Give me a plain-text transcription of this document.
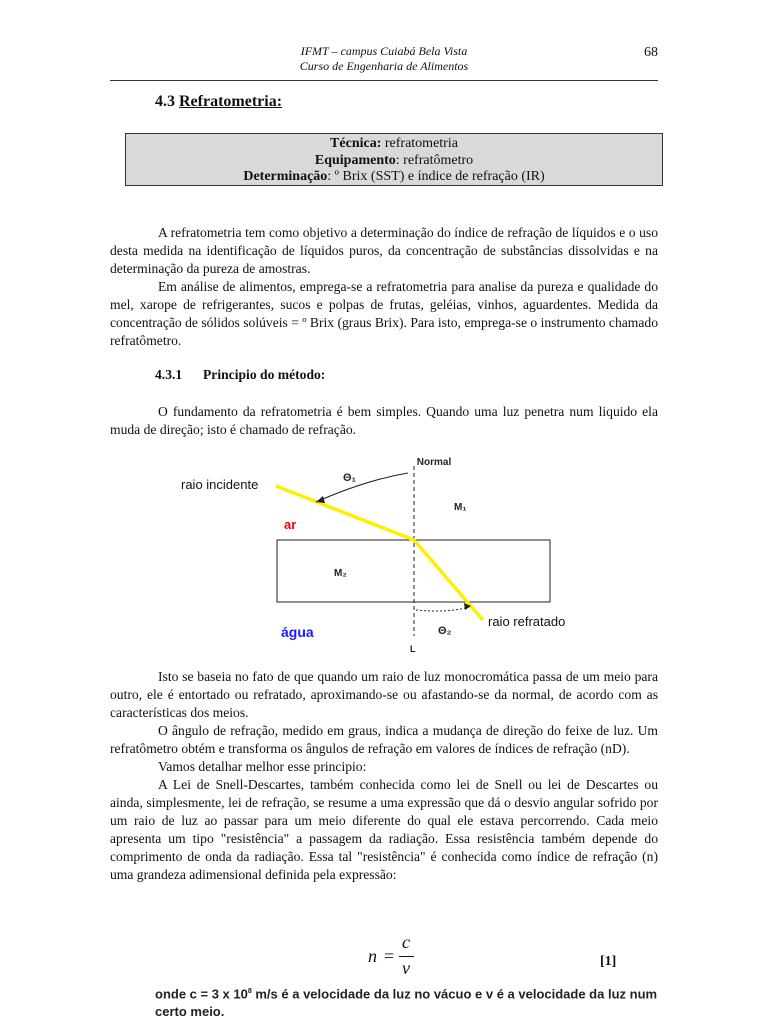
IFMT – campus Cuiabá Bela Vista
Curso de Engenharia de Alimentos
68
4.3 Refratometria:
Técnica: refratometria
Equipamento: refratômetro
Determinação: º Brix (SST) e índice de refração (IR)

A refratometria tem como objetivo a determinação do índice de refração de líquidos e o uso desta medida na identificação de líquidos puros, da concentração de substâncias dissolvidas e na determinação da pureza de amostras.

Em análise de alimentos, emprega-se a refratometria para analise da pureza e qualidade do mel, xarope de refrigerantes, sucos e polpas de frutas, geléias, vinhos, aguardentes. Medida da concentração de sólidos solúveis = º Brix (graus Brix). Para isto, emprega-se o instrumento chamado refratômetro.

4.3.1 Principio do método:

O fundamento da refratometria é bem simples. Quando uma luz penetra num liquido ela muda de direção; isto é chamado de refração.

Normal
Θ₁
M₁
raio incidente
ar
M₂
água	Θ₂
raio refratado
L

Isto se baseia no fato de que quando um raio de luz monocromática passa de um meio para outro, ele é entortado ou refratado, aproximando-se ou afastando-se da normal, de acordo com as características dos meios.

O ângulo de refração, medido em graus, indica a mudança de direção do feixe de luz. Um refratômetro obtém e transforma os ângulos de refração em valores de índices de refração (nD).

Vamos detalhar melhor esse principio:

A Lei de Snell-Descartes, também conhecida como lei de Snell ou lei de Descartes ou ainda, simplesmente, lei de refração, se resume a uma expressão que dá o desvio angular sofrido por um raio de luz ao passar para um meio diferente do qual ele estava percorrendo. Cada meio apresenta um tipo "resistência" a passagem da radiação. Essa resistência também depende do comprimento de onda da radiação. Essa tal "resistência" é conhecida como índice de refração (n) uma grandeza adimensional definida pela expressão:

n =
c
v	[1]
onde c = 3 x $10^8$ m/s é a velocidade da luz no vácuo e v é a velocidade da luz num certo meio.
